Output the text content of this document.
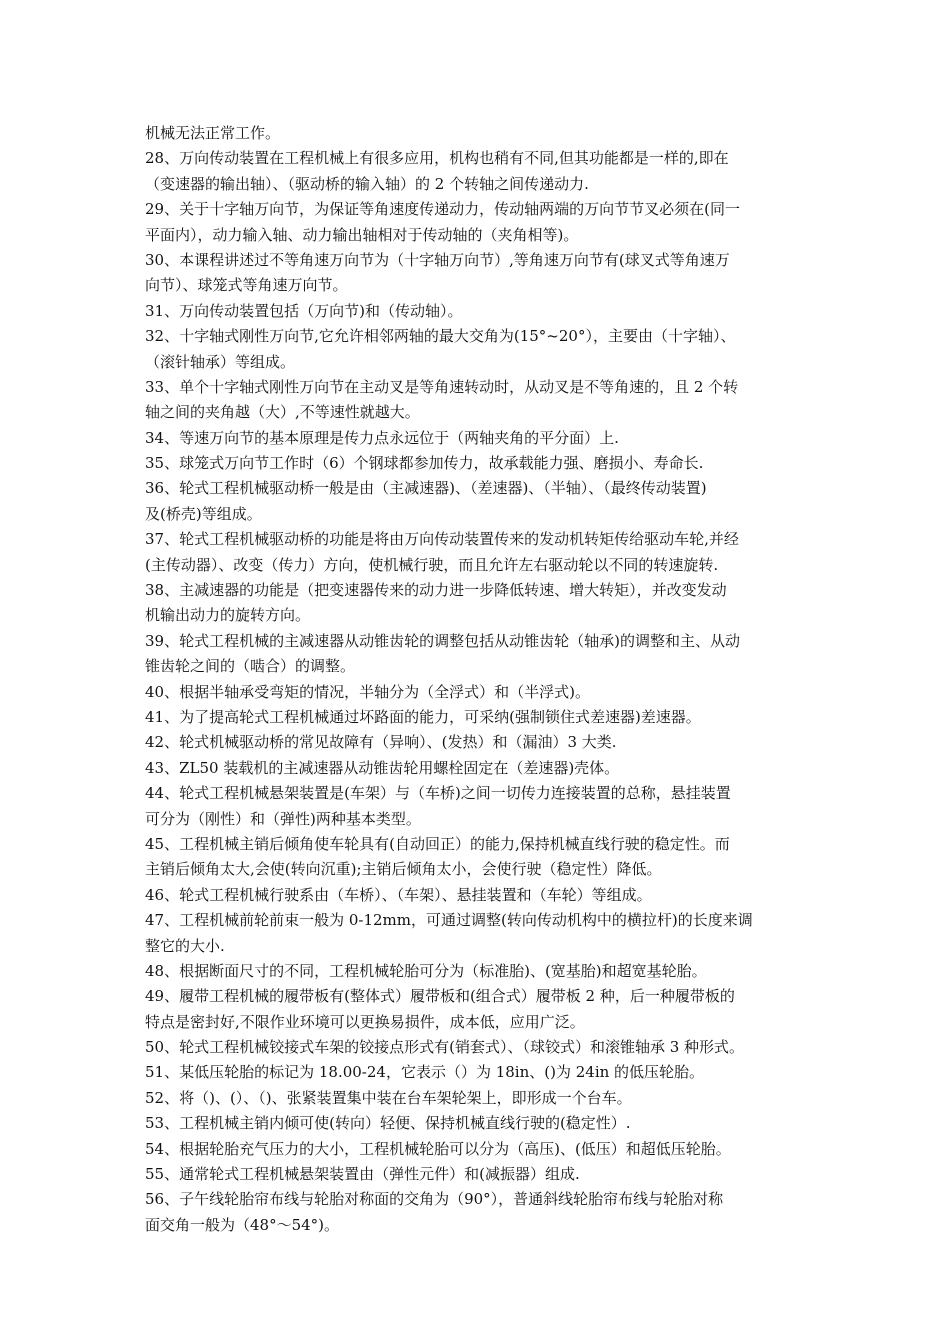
机械无法正常工作。
28、万向传动装置在工程机械上有很多应用，机构也稍有不同,但其功能都是一样的,即在
（变速器的输出轴）、（驱动桥的输入轴）的 2 个转轴之间传递动力.
29、关于十字轴万向节，为保证等角速度传递动力，传动轴两端的万向节节叉必须在(同一
平面内），动力输入轴、动力输出轴相对于传动轴的（夹角相等)。
30、本课程讲述过不等角速万向节为（十字轴万向节）,等角速万向节有(球叉式等角速万
向节）、球笼式等角速万向节。
31、万向传动装置包括（万向节)和（传动轴）。
32、十字轴式刚性万向节,它允许相邻两轴的最大交角为(15°~20°），主要由（十字轴）、
（滚针轴承）等组成。
33、单个十字轴式刚性万向节在主动叉是等角速转动时，从动叉是不等角速的，且 2 个转
轴之间的夹角越（大）,不等速性就越大。
34、等速万向节的基本原理是传力点永远位于（两轴夹角的平分面）上.
35、球笼式万向节工作时（6）个钢球都参加传力，故承载能力强、磨损小、寿命长.
36、轮式工程机械驱动桥一般是由（主减速器)、（差速器)、（半轴）、（最终传动装置)
及(桥壳)等组成。
37、轮式工程机械驱动桥的功能是将由万向传动装置传来的发动机转矩传给驱动车轮,并经
(主传动器）、改变（传力）方向，使机械行驶，而且允许左右驱动轮以不同的转速旋转.
38、主减速器的功能是（把变速器传来的动力进一步降低转速、增大转矩），并改变发动
机输出动力的旋转方向。
39、轮式工程机械的主减速器从动锥齿轮的调整包括从动锥齿轮（轴承)的调整和主、从动
锥齿轮之间的（啮合）的调整。
40、根据半轴承受弯矩的情况，半轴分为（全浮式）和（半浮式)。
41、为了提高轮式工程机械通过坏路面的能力，可采纳(强制锁住式差速器)差速器。
42、轮式机械驱动桥的常见故障有（异响）、(发热）和（漏油）3 大类.
43、ZL50 装载机的主减速器从动锥齿轮用螺栓固定在（差速器)壳体。
44、轮式工程机械悬架装置是(车架）与（车桥)之间一切传力连接装置的总称，悬挂装置
可分为（刚性）和（弹性)两种基本类型。
45、工程机械主销后倾角使车轮具有(自动回正）的能力,保持机械直线行驶的稳定性。而
主销后倾角太大,会使(转向沉重);主销后倾角太小，会使行驶（稳定性）降低。
46、轮式工程机械行驶系由（车桥）、（车架）、悬挂装置和（车轮）等组成。
47、工程机械前轮前束一般为 0-12mm，可通过调整(转向传动机构中的横拉杆)的长度来调
整它的大小.
48、根据断面尺寸的不同，工程机械轮胎可分为（标准胎)、(宽基胎)和超宽基轮胎。
49、履带工程机械的履带板有(整体式）履带板和(组合式）履带板 2 种，后一种履带板的
特点是密封好,不限作业环境可以更换易损件，成本低，应用广泛。
50、轮式工程机械铰接式车架的铰接点形式有(销套式）、（球铰式）和滚锥轴承 3 种形式。
51、某低压轮胎的标记为 18.00-24，它表示（）为 18in、()为 24in 的低压轮胎。
52、将（)、(）、（)、张紧装置集中装在台车架轮架上，即形成一个台车。
53、工程机械主销内倾可使(转向）轻便、保持机械直线行驶的(稳定性）.
54、根据轮胎充气压力的大小，工程机械轮胎可以分为（高压)、(低压）和超低压轮胎。
55、通常轮式工程机械悬架装置由（弹性元件）和(减振器）组成.
56、子午线轮胎帘布线与轮胎对称面的交角为（90°），普通斜线轮胎帘布线与轮胎对称
面交角一般为（48°～54°)。
